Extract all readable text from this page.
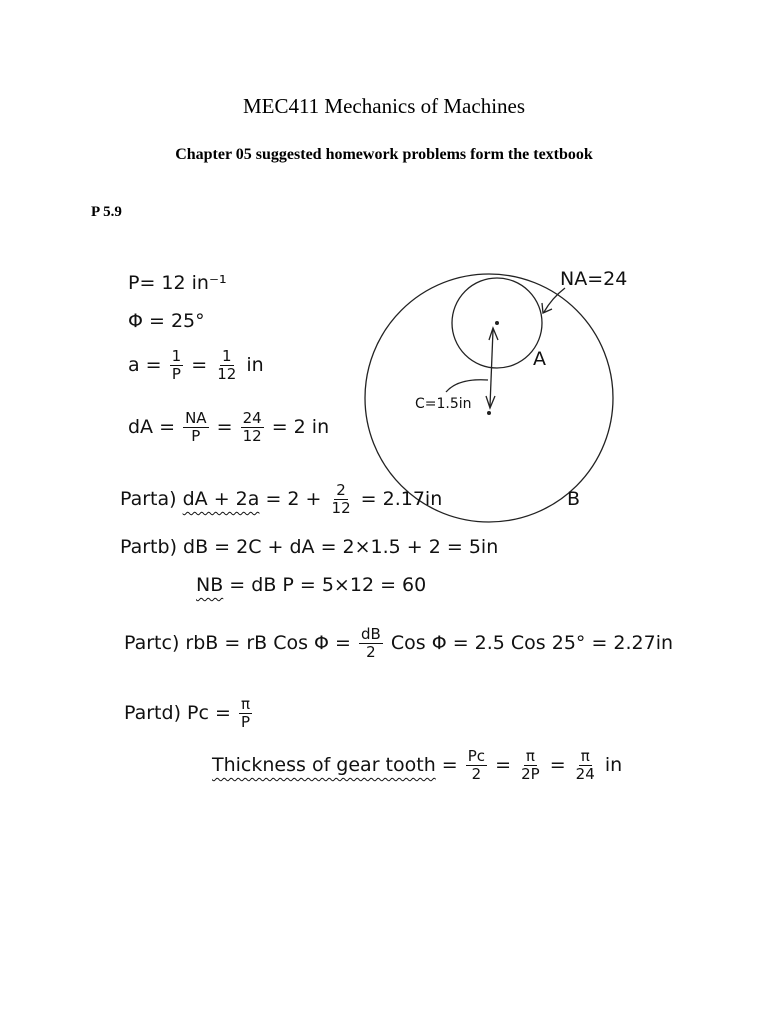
MEC411 Mechanics of Machines
Chapter 05 suggested homework problems form the textbook
P 5.9
NA=24
A
C=1.5in
B
P= 12 in⁻¹
Φ = 25°
$a = \frac{1}{P} = \frac{1}{12}$ in
dA = $\frac{NA}{P} = \frac{24}{12} = 2$ in
Parta) dA + $2a = 2 + \frac{2}{12} = 2.17in$
Partb) dB = 2C + dA = 2×1.5 + 2 = 5in
NB = dB P = 5×12 = 60
Partc) rbB = rB Cos $\Phi = \frac{dB}{2}$ Cos Φ = 2.5 Cos 25° = 2.27in
Partd) $Pc = \frac{\pi}{P}$
Thickness of gear tooth = $\frac{Pc}{2} = \frac{\pi}{2P} = \frac{\pi}{24}$ in
